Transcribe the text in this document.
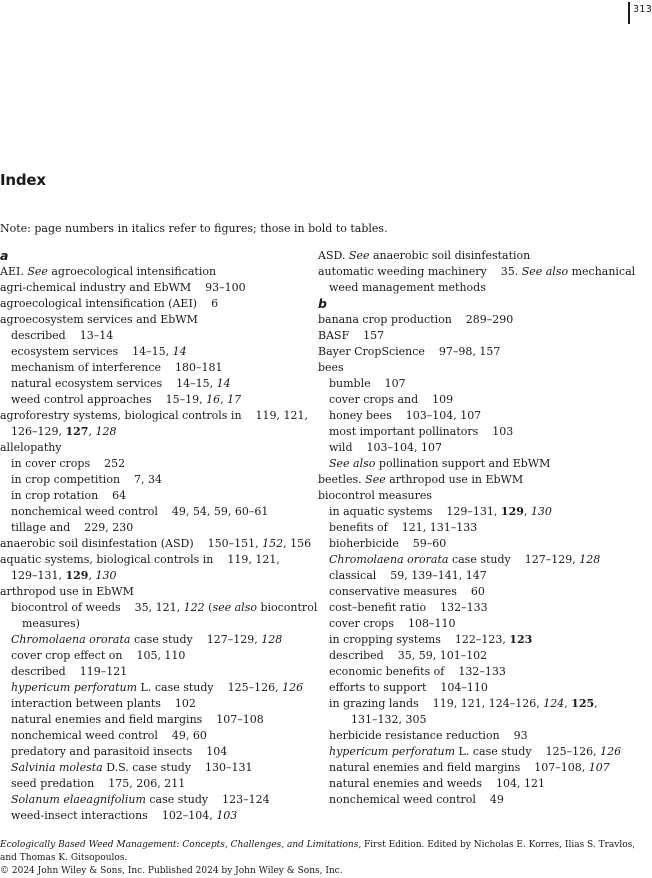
313
Index
Note: page numbers in italics refer to figures; those in bold to tables.
a
AEI. See agroecological intensification
agri-chemical industry and EbWM    93–100
agroecological intensification (AEI)    6
agroecosystem services and EbWM
described    13–14
ecosystem services    14–15, 14
mechanism of interference    180–181
natural ecosystem services    14–15, 14
weed control approaches    15–19, 16, 17
agroforestry systems, biological controls in    119, 121,
126–129, 127, 128
allelopathy
in cover crops    252
in crop competition    7, 34
in crop rotation    64
nonchemical weed control    49, 54, 59, 60–61
tillage and    229, 230
anaerobic soil disinfestation (ASD)    150–151, 152, 156
aquatic systems, biological controls in    119, 121,
129–131, 129, 130
arthropod use in EbWM
biocontrol of weeds    35, 121, 122 (see also biocontrol
measures)
Chromolaena ororata case study    127–129, 128
cover crop effect on    105, 110
described    119–121
hypericum perforatum L. case study    125–126, 126
interaction between plants    102
natural enemies and field margins    107–108
nonchemical weed control    49, 60
predatory and parasitoid insects    104
Salvinia molesta D.S. case study    130–131
seed predation    175, 206, 211
Solanum elaeagnifolium case study    123–124
weed-insect interactions    102–104, 103
ASD. See anaerobic soil disinfestation
automatic weeding machinery    35. See also mechanical
weed management methods
b
banana crop production    289–290
BASF    157
Bayer CropScience    97–98, 157
bees
bumble    107
cover crops and    109
honey bees    103–104, 107
most important pollinators    103
wild    103–104, 107
See also pollination support and EbWM
beetles. See arthropod use in EbWM
biocontrol measures
in aquatic systems    129–131, 129, 130
benefits of    121, 131–133
bioherbicide    59–60
Chromolaena ororata case study    127–129, 128
classical    59, 139–141, 147
conservative measures    60
cost–benefit ratio    132–133
cover crops    108–110
in cropping systems    122–123, 123
described    35, 59, 101–102
economic benefits of    132–133
efforts to support    104–110
in grazing lands    119, 121, 124–126, 124, 125,
131–132, 305
herbicide resistance reduction    93
hypericum perforatum L. case study    125–126, 126
natural enemies and field margins    107–108, 107
natural enemies and weeds    104, 121
nonchemical weed control    49
Ecologically Based Weed Management: Concepts, Challenges, and Limitations, First Edition. Edited by Nicholas E. Korres, Ilias S. Travlos,
and Thomas K. Gitsopoulos.
© 2024 John Wiley & Sons, Inc. Published 2024 by John Wiley & Sons, Inc.
